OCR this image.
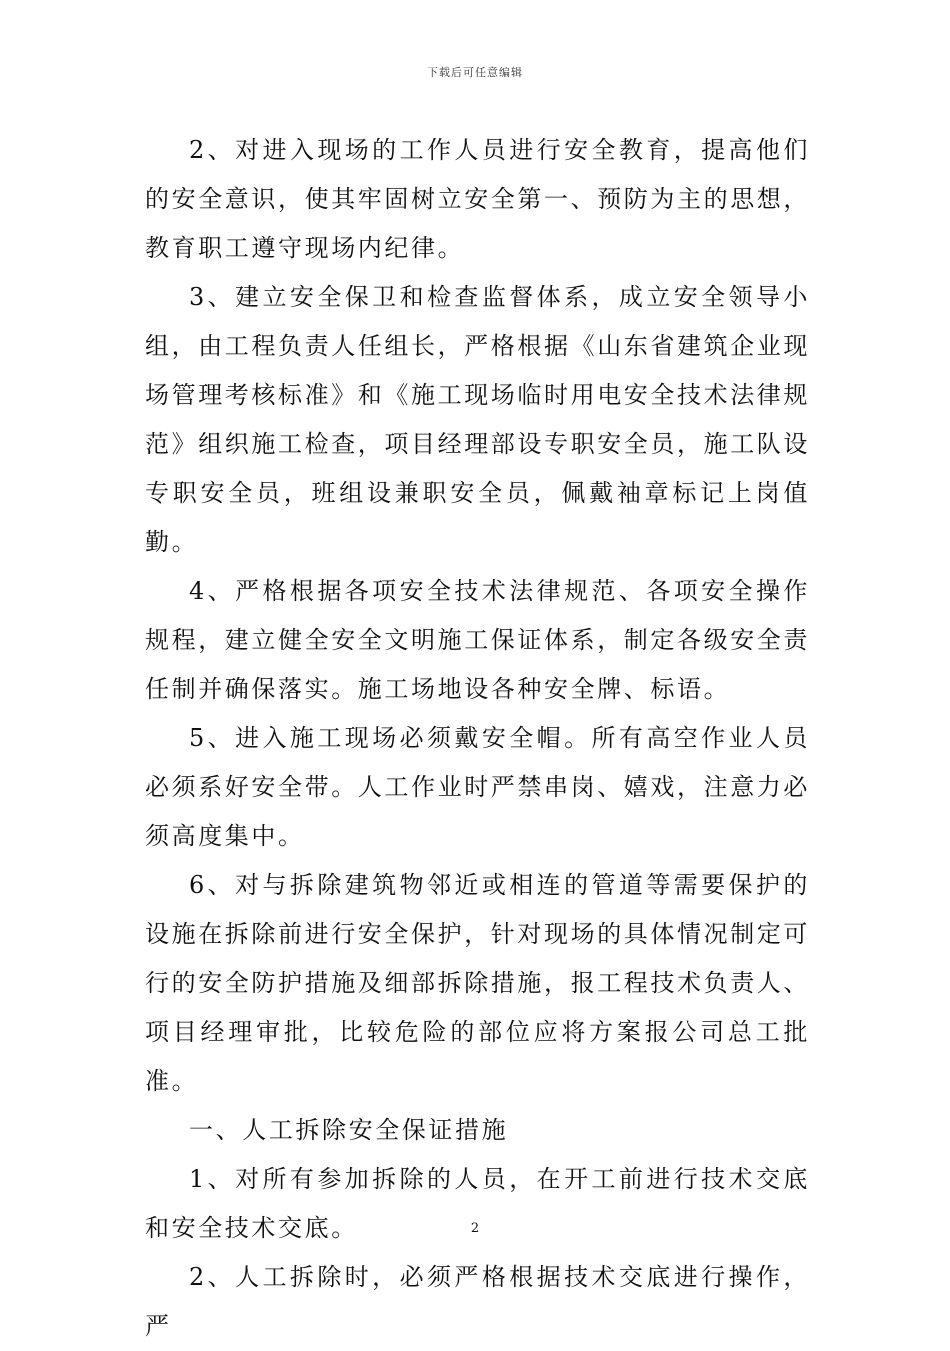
下载后可任意编辑

2、对进入现场的工作人员进行安全教育，提高他们的安全意识，使其牢固树立安全第一、预防为主的思想，教育职工遵守现场内纪律。

3、建立安全保卫和检查监督体系，成立安全领导小组，由工程负责人任组长，严格根据《山东省建筑企业现场管理考核标准》和《施工现场临时用电安全技术法律规范》组织施工检查，项目经理部设专职安全员，施工队设专职安全员，班组设兼职安全员，佩戴袖章标记上岗值勤。

4、严格根据各项安全技术法律规范、各项安全操作规程，建立健全安全文明施工保证体系，制定各级安全责任制并确保落实。施工场地设各种安全牌、标语。

5、进入施工现场必须戴安全帽。所有高空作业人员必须系好安全带。人工作业时严禁串岗、嬉戏，注意力必须高度集中。

6、对与拆除建筑物邻近或相连的管道等需要保护的设施在拆除前进行安全保护，针对现场的具体情况制定可行的安全防护措施及细部拆除措施，报工程技术负责人、项目经理审批，比较危险的部位应将方案报公司总工批准。

一、人工拆除安全保证措施

1、对所有参加拆除的人员，在开工前进行技术交底和安全技术交底。

2、人工拆除时，必须严格根据技术交底进行操作，严

2
